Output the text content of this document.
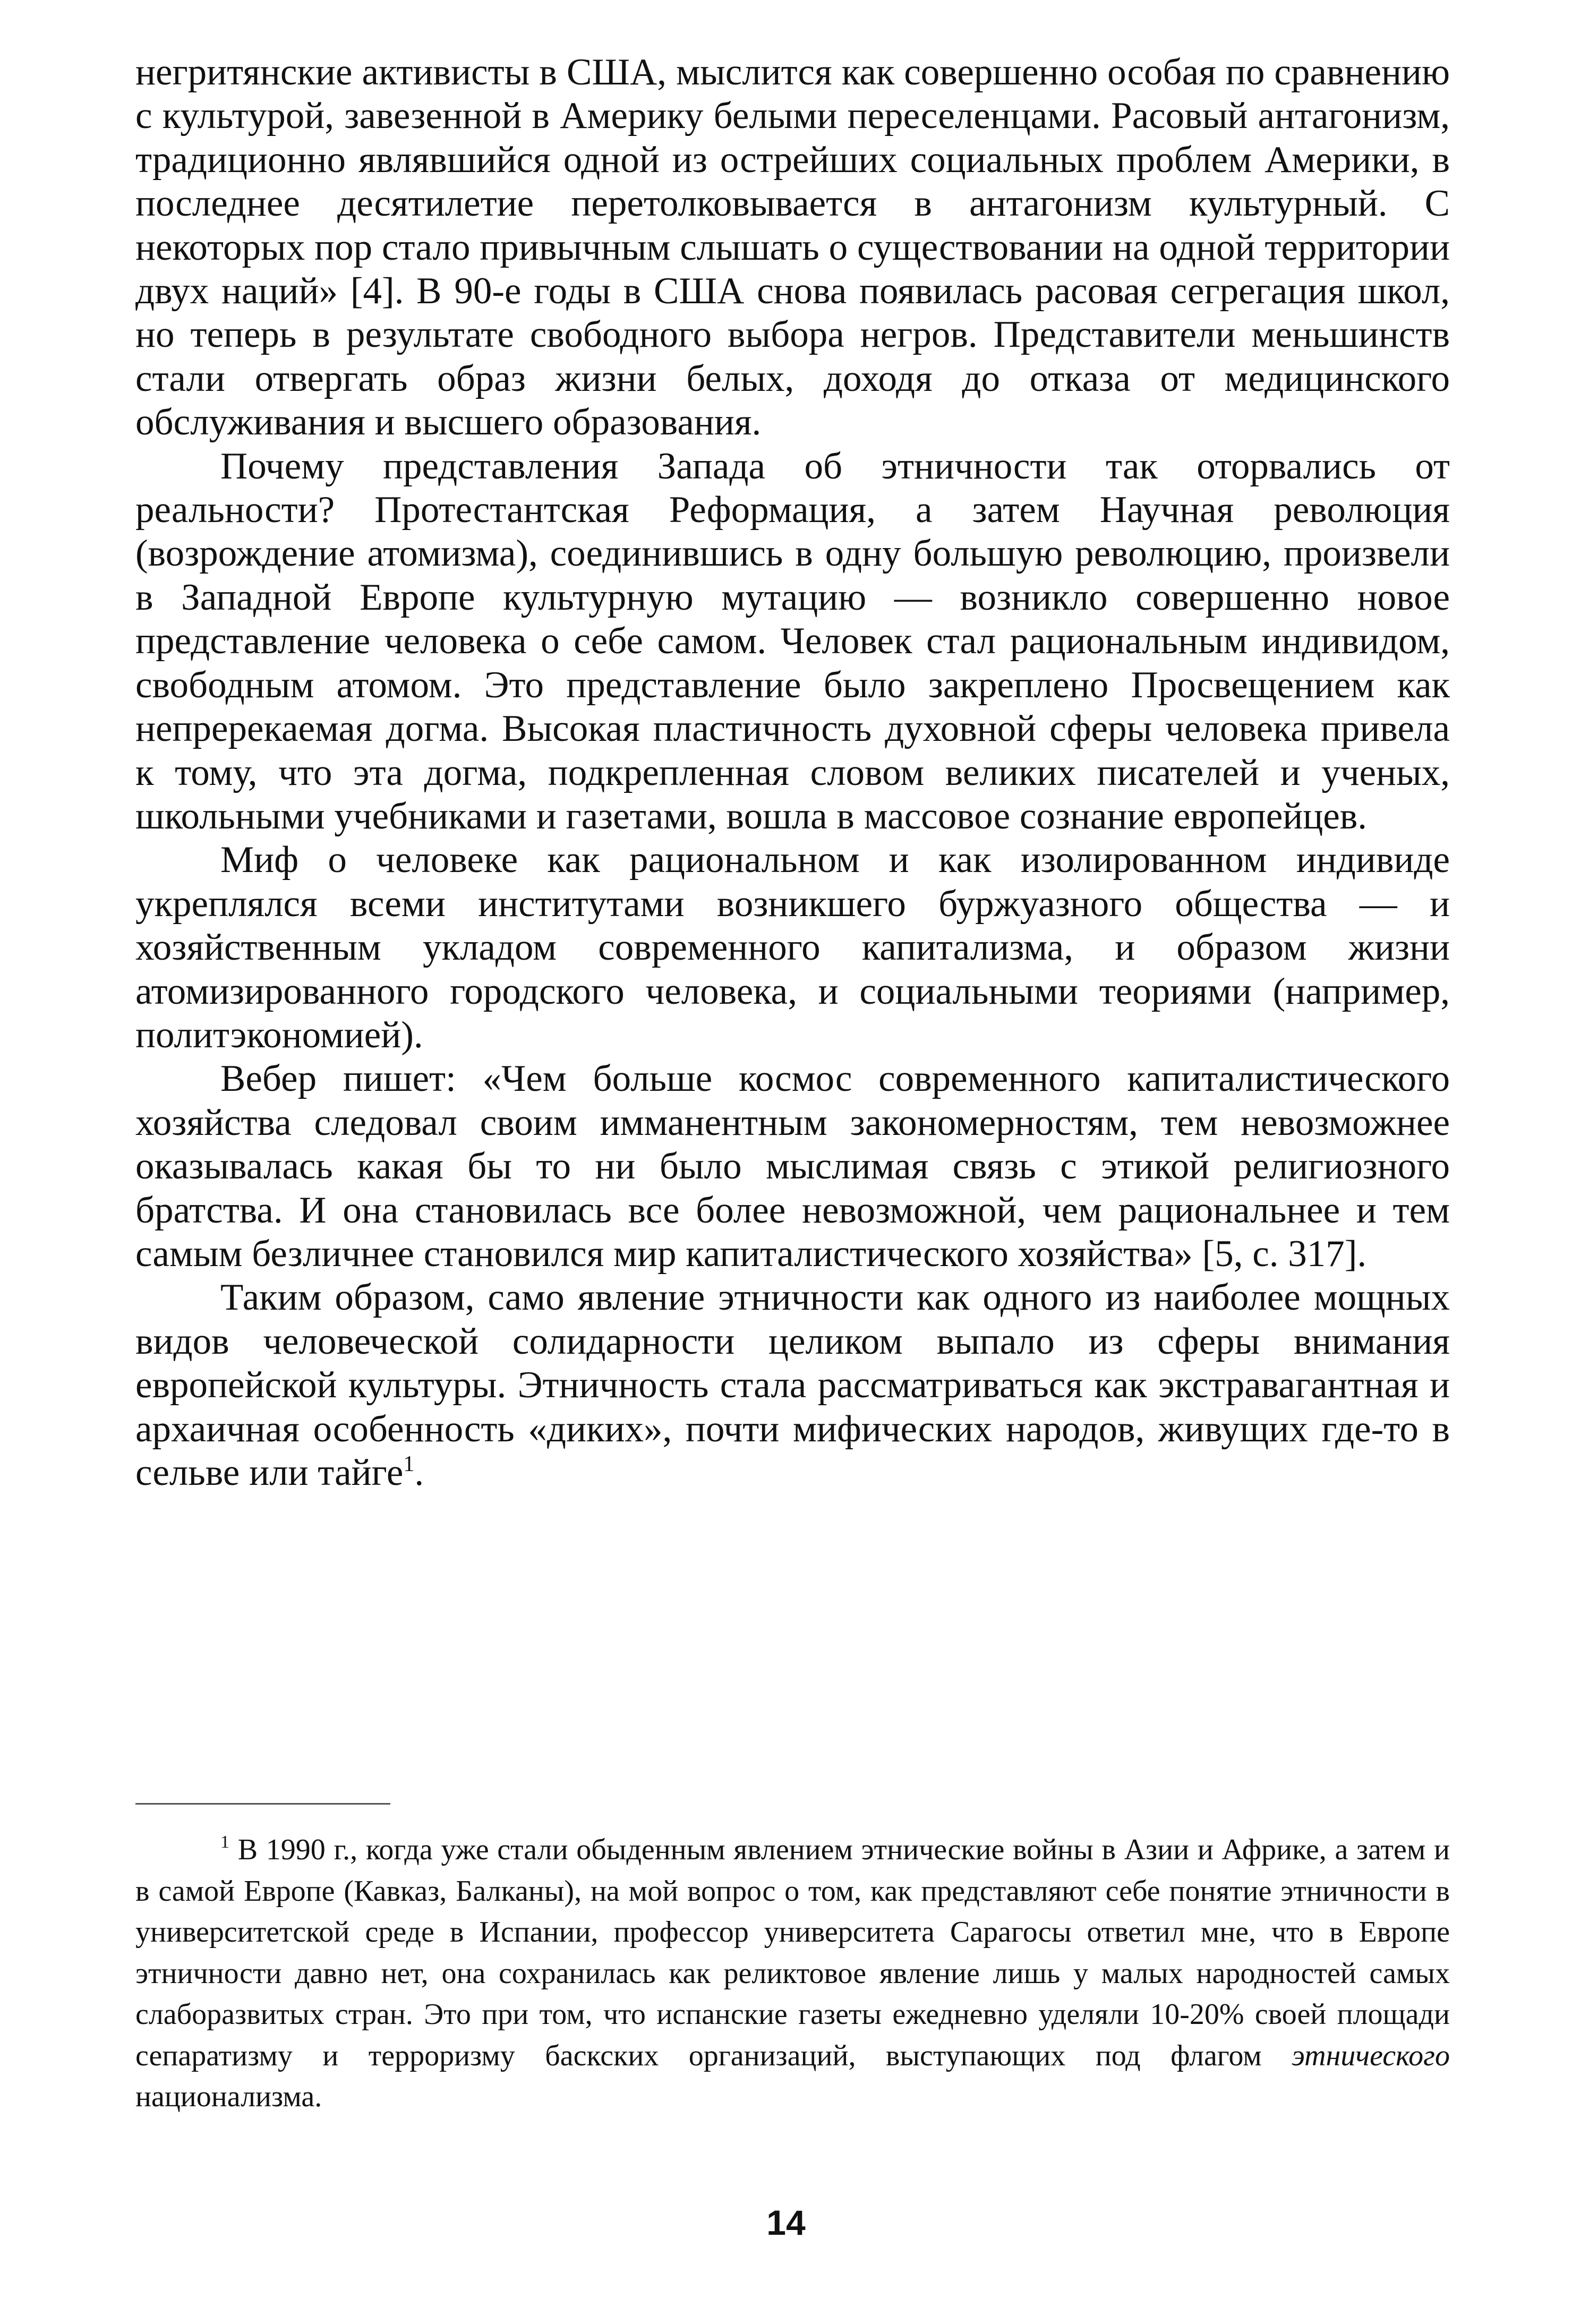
негритянские активисты в США, мыслится как совершенно особая по сравнению с культурой, завезенной в Америку белыми переселенцами. Расовый антагонизм, традиционно являвшийся одной из острейших социальных проблем Америки, в последнее десятилетие перетолковывается в антагонизм культурный. С некоторых пор стало привычным слышать о существовании на одной территории двух наций» [4]. В 90-е годы в США снова появилась расовая сегрегация школ, но теперь в результате свободного выбора негров. Представители меньшинств стали отвергать образ жизни белых, доходя до отказа от медицинского обслуживания и высшего образования.

Почему представления Запада об этничности так оторвались от реальности? Протестантская Реформация, а затем Научная революция (возрождение атомизма), соединившись в одну большую революцию, произвели в Западной Европе культурную мутацию — возникло совершенно новое представление человека о себе самом. Человек стал рациональным индивидом, свободным атомом. Это представление было закреплено Просвещением как непререкаемая догма. Высокая пластичность духовной сферы человека привела к тому, что эта догма, подкрепленная словом великих писателей и ученых, школьными учебниками и газетами, вошла в массовое сознание европейцев.

Миф о человеке как рациональном и как изолированном индивиде укреплялся всеми институтами возникшего буржуазного общества — и хозяйственным укладом современного капитализма, и образом жизни атомизированного городского человека, и социальными теориями (например, политэкономией).

Вебер пишет: «Чем больше космос современного капиталистического хозяйства следовал своим имманентным закономерностям, тем невозможнее оказывалась какая бы то ни было мыслимая связь с этикой религиозного братства. И она становилась все более невозможной, чем рациональнее и тем самым безличнее становился мир капиталистического хозяйства» [5, с. 317].

Таким образом, само явление этничности как одного из наиболее мощных видов человеческой солидарности целиком выпало из сферы внимания европейской культуры. Этничность стала рассматриваться как экстравагантная и архаичная особенность «диких», почти мифических народов, живущих где-то в сельве или тайге$^1$.

$^1$ В 1990 г., когда уже стали обыденным явлением этнические войны в Азии и Африке, а затем и в самой Европе (Кавказ, Балканы), на мой вопрос о том, как представляют себе понятие этничности в университетской среде в Испании, профессор университета Сарагосы ответил мне, что в Европе этничности давно нет, она сохранилась как реликтовое явление лишь у малых народностей самых слаборазвитых стран. Это при том, что испанские газеты ежедневно уделяли 10-20% своей площади сепаратизму и терроризму баскских организаций, выступающих под флагом этнического национализма.
14
